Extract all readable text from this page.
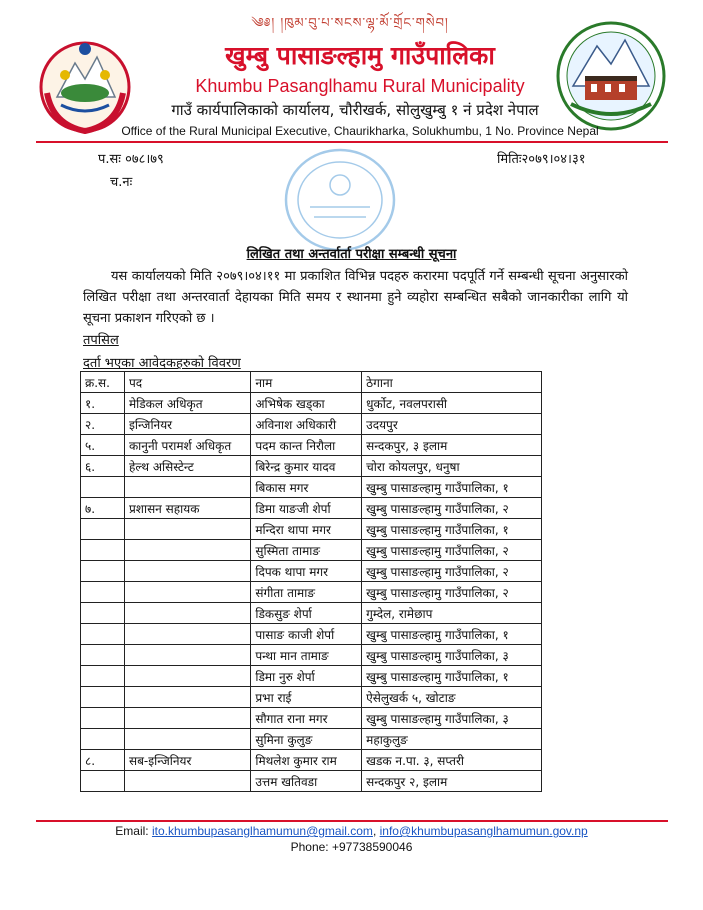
༄༅། །ཁུམ་བུ་པ་སངས་ལྷ་མོ་གྲོང་གསེབ།
खुम्बु पासाङल्हामु गाउँपालिका
Khumbu Pasanglhamu Rural Municipality
गाउँ कार्यपालिकाको कार्यालय, चौरीखर्क, सोलुखुम्बु १ नं प्रदेश नेपाल
Office of the Rural Municipal Executive, Chaurikharka, Solukhumbu, 1 No. Province Nepal
प.सः ०७८।७९	मितिः२०७९।०४।३१
च.नः
लिखित तथा अन्तर्वार्ता परीक्षा सम्बन्धी सूचना
यस कार्यालयको मिति २०७९।०४।११ मा प्रकाशित विभिन्न पदहरु करारमा पदपूर्ति गर्ने सम्बन्धी सूचना अनुसारको लिखित परीक्षा तथा अन्तरवार्ता देहायका मिति समय र स्थानमा हुने व्यहोरा सम्बन्धित सबैको जानकारीका लागि यो सूचना प्रकाशन गरिएको छ ।
तपसिल
दर्ता भएका आवेदकहरुको विवरण
क्र.स.	पद	नाम	ठेगाना
१.	मेडिकल अधिकृत	अभिषेक खड्का	धुर्कोट, नवलपरासी
२.	इन्जिनियर	अविनाश अधिकारी	उदयपुर
५.	कानुनी परामर्श अधिकृत	पदम कान्त निरौला	सन्दकपुर, ३ इलाम
६.	हेल्थ असिस्टेन्ट	बिरेन्द्र कुमार यादव	चोरा कोयलपुर, धनुषा
		बिकास मगर	खुम्बु पासाङल्हामु गाउँपालिका, १
७.	प्रशासन सहायक	डिमा याङजी शेर्पा	खुम्बु पासाङल्हामु गाउँपालिका, २
		मन्दिरा थापा मगर	खुम्बु पासाङल्हामु गाउँपालिका, १
		सुस्मिता तामाङ	खुम्बु पासाङल्हामु गाउँपालिका, २
		दिपक थापा मगर	खुम्बु पासाङल्हामु गाउँपालिका, २
		संगीता तामाङ	खुम्बु पासाङल्हामु गाउँपालिका, २
		डिकसुङ शेर्पा	गुम्देल, रामेछाप
		पासाङ काजी शेर्पा	खुम्बु पासाङल्हामु गाउँपालिका, १
		पन्था मान तामाङ	खुम्बु पासाङल्हामु गाउँपालिका, ३
		डिमा नुरु शेर्पा	खुम्बु पासाङल्हामु गाउँपालिका, १
		प्रभा राई	ऐसेलुखर्क ५, खोटाङ
		सौगात राना मगर	खुम्बु पासाङल्हामु गाउँपालिका, ३
		सुमिना कुलुङ	महाकुलुङ
८.	सब-इन्जिनियर	मिथलेश कुमार राम	खडक न.पा. ३, सप्तरी
		उत्तम खतिवडा	सन्दकपुर २, इलाम
Email: ito.khumbupasanglhamumun@gmail.com, info@khumbupasanglhamumun.gov.np
Phone: +97738590046
